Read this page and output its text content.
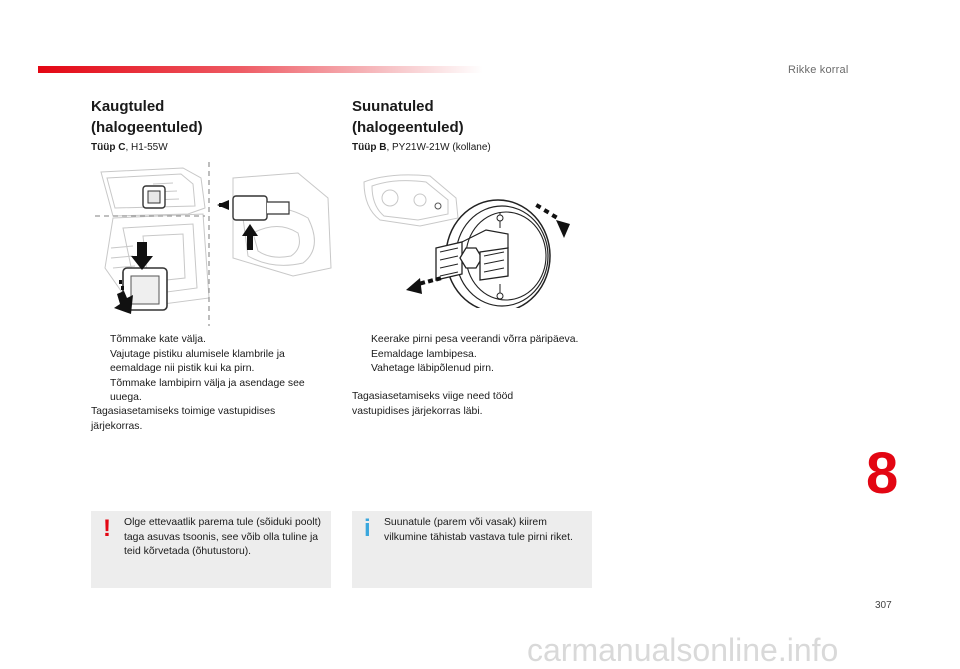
Rikke korral
Kaugtuled
(halogeentuled)

Tüüp C, H1-55W

Tõmmake kate välja.
Vajutage pistiku alumisele klambrile ja eemaldage nii pistik kui ka pirn.
Tõmmake lambipirn välja ja asendage see uuega.
Tagasiasetamiseks toimige vastupidises
järjekorras.
! Olge ettevaatlik parema tule (sõiduki poolt) taga asuvas tsoonis, see võib olla tuline ja teid kõrvetada (õhutustoru).
Suunatuled
(halogeentuled)

Tüüp B, PY21W-21W (kollane)

Keerake pirni pesa veerandi võrra päripäeva.
Eemaldage lambipesa.
Vahetage läbipõlenud pirn.
Tagasiasetamiseks viige need tööd
vastupidises järjekorras läbi.
i Suunatule (parem või vasak) kiirem vilkumine tähistab vastava tule pirni riket.
8
307
carmanualsonline.info
